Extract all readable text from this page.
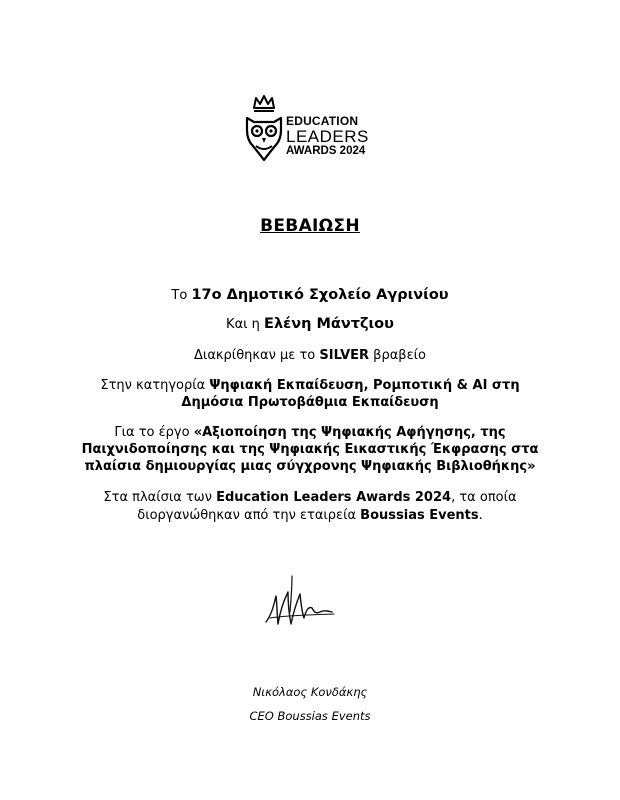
EDUCATION
LEADERS
AWARDS 2024
ΒΕΒΑΙΩΣΗ
Το 17ο Δημοτικό Σχολείο Αγρινίου
Και η Ελένη Μάντζιου
Διακρίθηκαν με το SILVER βραβείο
Στην κατηγορία Ψηφιακή Εκπαίδευση, Ρομποτική & AI στη
Δημόσια Πρωτοβάθμια Εκπαίδευση
Για το έργο «Αξιοποίηση της Ψηφιακής Αφήγησης, της
Παιχνιδοποίησης και της Ψηφιακής Εικαστικής Έκφρασης στα
πλαίσια δημιουργίας μιας σύγχρονης Ψηφιακής Βιβλιοθήκης»
Στα πλαίσια των Education Leaders Awards 2024, τα οποία
διοργανώθηκαν από την εταιρεία Boussias Events.
Νικόλαος Κονδάκης
CEO Boussias Events
